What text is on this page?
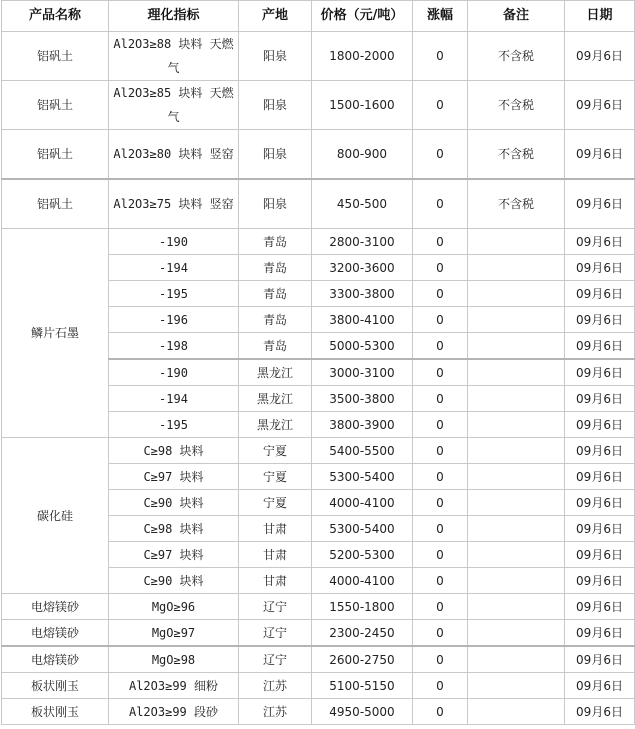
产品名称	理化指标	产地	价格（元/吨）	涨幅	备注	日期
铝矾土	Al2O3≥88 块料 天燃气	阳泉	1800-2000	0	不含税	09月6日
铝矾土	Al2O3≥85 块料 天燃气	阳泉	1500-1600	0	不含税	09月6日
铝矾土	Al2O3≥80 块料 竖窑	阳泉	800-900	0	不含税	09月6日
铝矾土	Al2O3≥75 块料 竖窑	阳泉	450-500	0	不含税	09月6日
鳞片石墨	-190	青岛	2800-3100	0		09月6日
	-194	青岛	3200-3600	0		09月6日
	-195	青岛	3300-3800	0		09月6日
	-196	青岛	3800-4100	0		09月6日
	-198	青岛	5000-5300	0		09月6日
	-190	黑龙江	3000-3100	0		09月6日
	-194	黑龙江	3500-3800	0		09月6日
	-195	黑龙江	3800-3900	0		09月6日
碳化硅	C≥98 块料	宁夏	5400-5500	0		09月6日
	C≥97 块料	宁夏	5300-5400	0		09月6日
	C≥90 块料	宁夏	4000-4100	0		09月6日
	C≥98 块料	甘肃	5300-5400	0		09月6日
	C≥97 块料	甘肃	5200-5300	0		09月6日
	C≥90 块料	甘肃	4000-4100	0		09月6日
电熔镁砂	MgO≥96	辽宁	1550-1800	0		09月6日
电熔镁砂	MgO≥97	辽宁	2300-2450	0		09月6日
电熔镁砂	MgO≥98	辽宁	2600-2750	0		09月6日
板状刚玉	Al2O3≥99 细粉	江苏	5100-5150	0		09月6日
板状刚玉	Al2O3≥99 段砂	江苏	4950-5000	0		09月6日
